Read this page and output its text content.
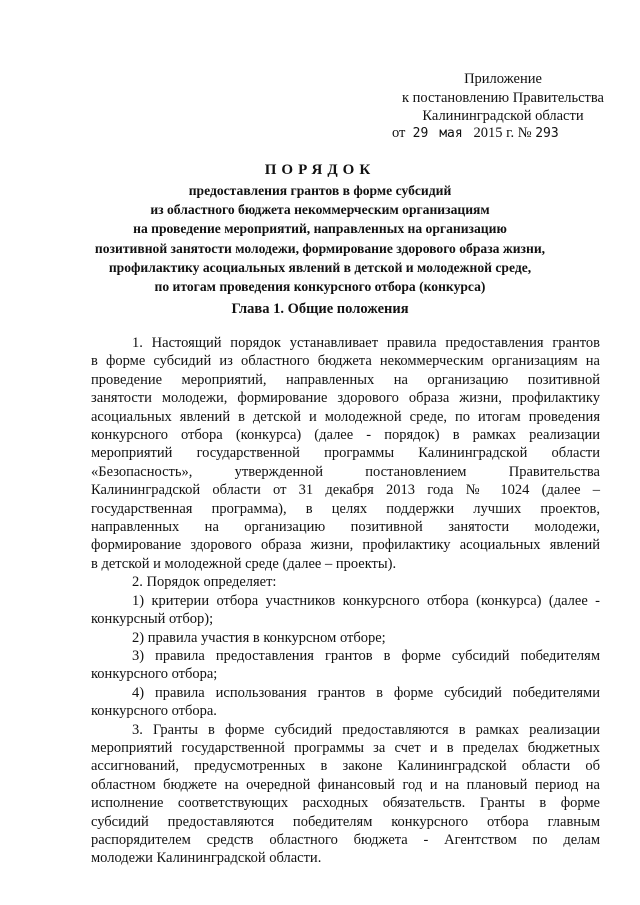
Приложение
к постановлению Правительства
Калининградской области
от 29 мая 2015 г. № 293
ПОРЯДОК
предоставления грантов в форме субсидий
из областного бюджета некоммерческим организациям
на проведение мероприятий, направленных на организацию
позитивной занятости молодежи, формирование здорового образа жизни,
профилактику асоциальных явлений в детской и молодежной среде,
по итогам проведения конкурсного отбора (конкурса)
Глава 1. Общие положения
1. Настоящий порядок устанавливает правила предоставления грантов
в форме субсидий из областного бюджета некоммерческим организациям на
проведение мероприятий, направленных на организацию позитивной
занятости молодежи, формирование здорового образа жизни, профилактику
асоциальных явлений в детской и молодежной среде, по итогам проведения
конкурсного отбора (конкурса) (далее - порядок) в рамках реализации
мероприятий государственной программы Калининградской области
«Безопасность», утвержденной постановлением Правительства
Калининградской области от 31 декабря 2013 года № 1024 (далее –
государственная программа), в целях поддержки лучших проектов,
направленных на организацию позитивной занятости молодежи,
формирование здорового образа жизни, профилактику асоциальных явлений
в детской и молодежной среде (далее – проекты).
2. Порядок определяет:
1) критерии отбора участников конкурсного отбора (конкурса) (далее -
конкурсный отбор);
2) правила участия в конкурсном отборе;
3) правила предоставления грантов в форме субсидий победителям
конкурсного отбора;
4) правила использования грантов в форме субсидий победителями
конкурсного отбора.
3. Гранты в форме субсидий предоставляются в рамках реализации
мероприятий государственной программы за счет и в пределах бюджетных
ассигнований, предусмотренных в законе Калининградской области об
областном бюджете на очередной финансовый год и на плановый период на
исполнение соответствующих расходных обязательств. Гранты в форме
субсидий предоставляются победителям конкурсного отбора главным
распорядителем средств областного бюджета - Агентством по делам
молодежи Калининградской области.
